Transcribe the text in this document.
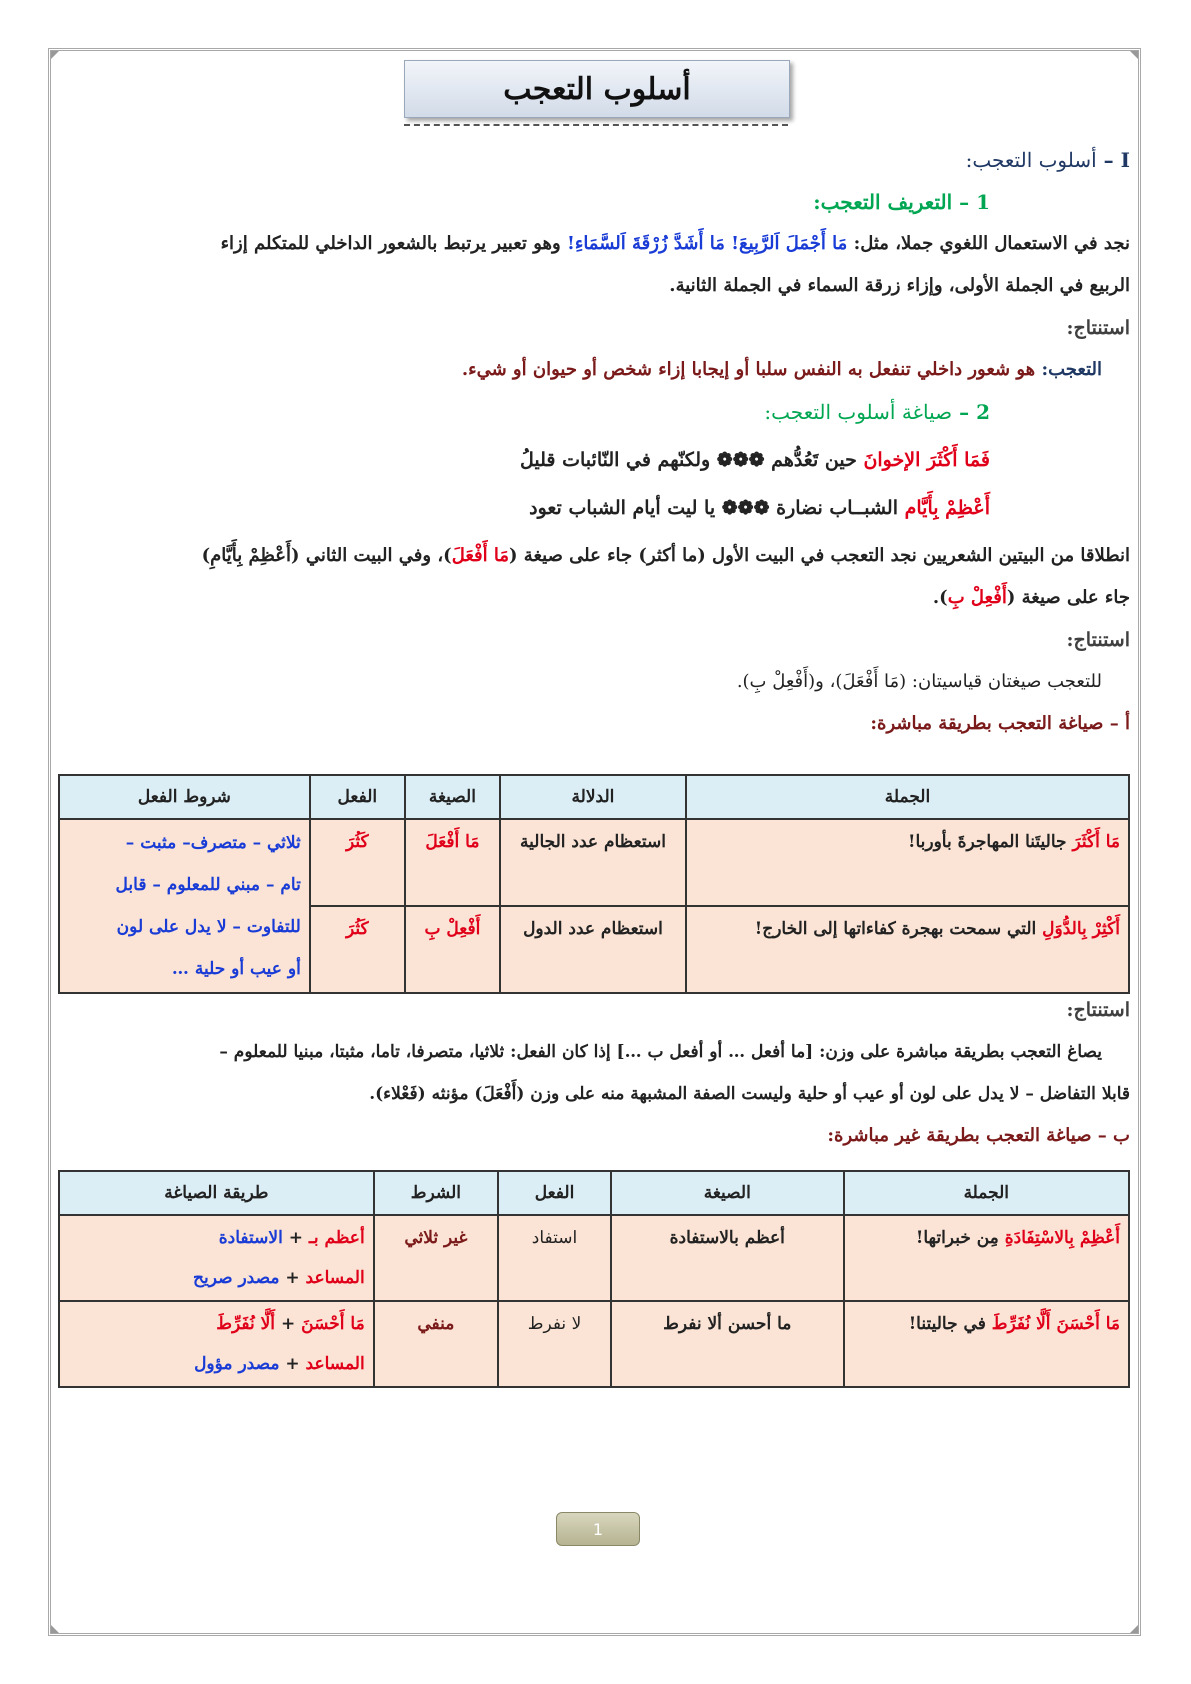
أسلوب التعجب
I – أسلوب التعجب:
1 – التعريف التعجب:
نجد في الاستعمال اللغوي جملا، مثل: مَا أَجْمَلَ اَلرَّبِيعَ! مَا أَشَدَّ زُرْقَةَ اَلسَّمَاءِ! وهو تعبير يرتبط بالشعور الداخلي للمتكلم إزاء
الربيع في الجملة الأولى، وإزاء زرقة السماء في الجملة الثانية.
استنتاج:
التعجب: هو شعور داخلي تنفعل به النفس سلبا أو إيجابا إزاء شخص أو حيوان أو شيء.
2 – صياغة أسلوب التعجب:
فَمَا أَكْثَرَ الإخوانَ حين تَعُدُّهم ❁❁❁ ولكنّهم في النّائبات قليلُ
أَعْظِمْ بِأَيَّام الشبــاب نضارة ❁❁❁ يا ليت أيام الشباب تعود
انطلاقا من البيتين الشعريين نجد التعجب في البيت الأول (ما أكثر) جاء على صيغة (مَا أَفْعَلَ)، وفي البيت الثاني (أَعْظِمْ بِأَيَّامِ)
جاء على صيغة (أَفْعِلْ بِ).
استنتاج:
للتعجب صيغتان قياسيتان: (مَا أَفْعَلَ)، و(أَفْعِلْ بِ).
أ – صياغة التعجب بطريقة مباشرة:
الجملة	الدلالة	الصيغة	الفعل	شروط الفعل
مَا أَكْثَرَ جاليتَنا المهاجرةَ بأوربا!	استعظام عدد الجالية	مَا أَفْعَلَ	كَثُرَ	ثلاثي – متصرف– مثبت –
تام – مبني للمعلوم – قابل
للتفاوت – لا يدل على لون
أو عيب أو حلية …

أَكْثِرْ بِالدُّوَلِ التي سمحت بهجرة كفاءاتها إلى الخارج!	استعظام عدد الدول	أَفْعِلْ بِ	كَثُرَ	
استنتاج:
يصاغ التعجب بطريقة مباشرة على وزن: [ما أفعل … أو أفعل ب …] إذا كان الفعل: ثلاثيا، متصرفا، تاما، مثبتا، مبنيا للمعلوم –
قابلا التفاضل – لا يدل على لون أو عيب أو حلية وليست الصفة المشبهة منه على وزن (أَفْعَلَ) مؤنثه (فَعْلاء).
ب – صياغة التعجب بطريقة غير مباشرة:
الجملة	الصيغة	الفعل	الشرط	طريقة الصياغة
أَعْظِمْ بِالاسْتِفَادَةِ مِن خبراتها!	أعظم بالاستفادة	استفاد	غير ثلاثي	أعظم بـ + الاستفادة
المساعد + مصدر صريح

مَا أَحْسَنَ أَلَّا نُفَرِّطَ في جاليتنا!	ما أحسن ألا نفرط	لا نفرط	منفي	مَا أَحْسَنَ + أَلَّا نُفَرِّطَ
المساعد + مصدر مؤول
1
